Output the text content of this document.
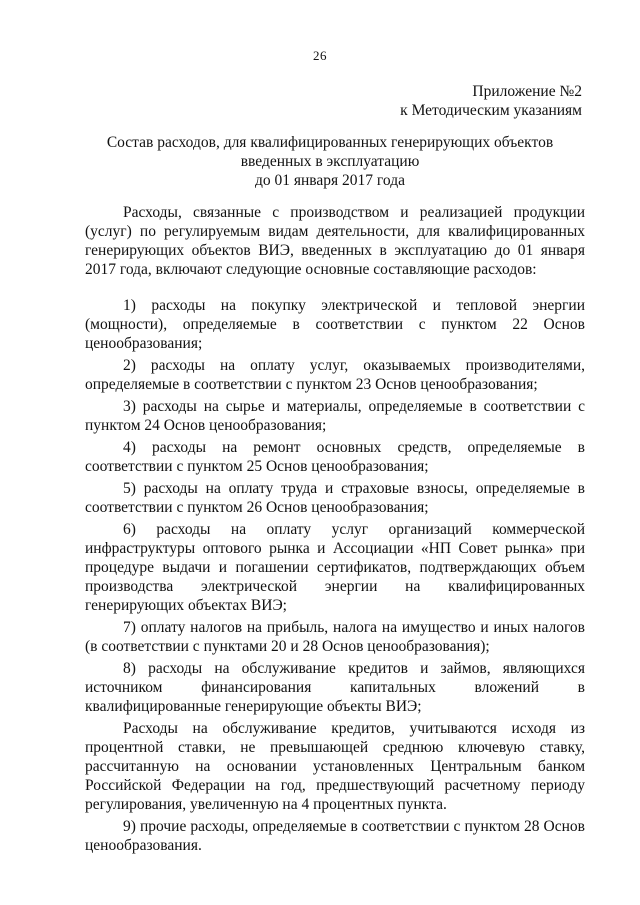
26
Приложение №2
к Методическим указаниям
Состав расходов, для квалифицированных генерирующих объектов
введенных в эксплуатацию
до 01 января 2017 года

Расходы, связанные с производством и реализацией продукции (услуг) по регулируемым видам деятельности, для квалифицированных генерирующих объектов ВИЭ, введенных в эксплуатацию до 01 января 2017 года, включают следующие основные составляющие расходов:

1) расходы на покупку электрической и тепловой энергии (мощности), определяемые в соответствии с пунктом 22 Основ ценообразования;

2) расходы на оплату услуг, оказываемых производителями, определяемые в соответствии с пунктом 23 Основ ценообразования;

3) расходы на сырье и материалы, определяемые в соответствии с пунктом 24 Основ ценообразования;

4) расходы на ремонт основных средств, определяемые в соответствии с пунктом 25 Основ ценообразования;

5) расходы на оплату труда и страховые взносы, определяемые в соответствии с пунктом 26 Основ ценообразования;

6) расходы на оплату услуг организаций коммерческой инфраструктуры оптового рынка и Ассоциации «НП Совет рынка» при процедуре выдачи и погашении сертификатов, подтверждающих объем производства электрической энергии на квалифицированных генерирующих объектах ВИЭ;

7) оплату налогов на прибыль, налога на имущество и иных налогов (в соответствии с пунктами 20 и 28 Основ ценообразования);

8) расходы на обслуживание кредитов и займов, являющихся источником финансирования капитальных вложений в квалифицированные генерирующие объекты ВИЭ;

Расходы на обслуживание кредитов, учитываются исходя из процентной ставки, не превышающей среднюю ключевую ставку, рассчитанную на основании установленных Центральным банком Российской Федерации на год, предшествующий расчетному периоду регулирования, увеличенную на 4 процентных пункта.

9) прочие расходы, определяемые в соответствии с пунктом 28 Основ ценообразования.
